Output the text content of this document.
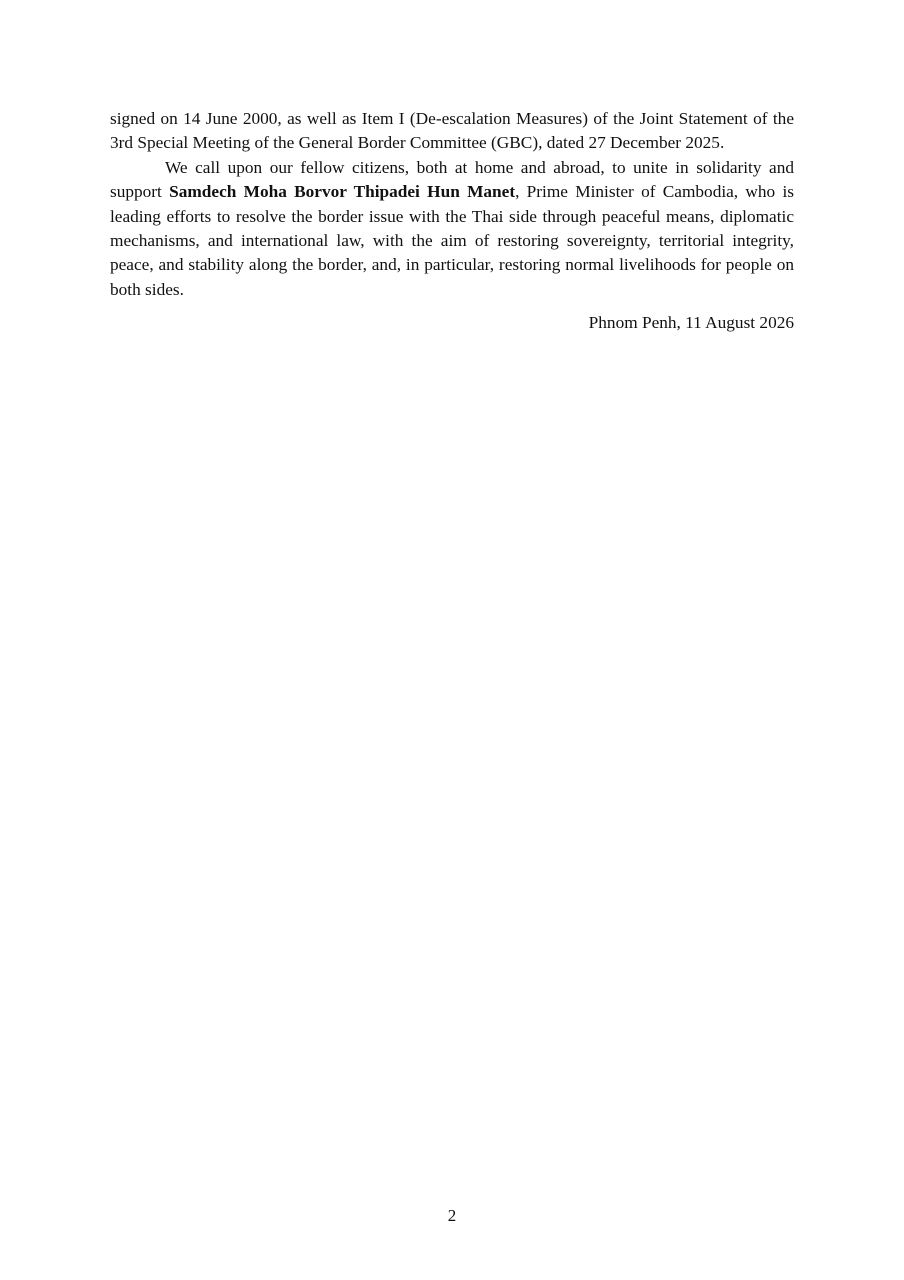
signed on 14 June 2000, as well as Item I (De-escalation Measures) of the Joint Statement of the 3rd Special Meeting of the General Border Committee (GBC), dated 27 December 2025.

We call upon our fellow citizens, both at home and abroad, to unite in solidarity and support Samdech Moha Borvor Thipadei Hun Manet, Prime Minister of Cambodia, who is leading efforts to resolve the border issue with the Thai side through peaceful means, diplomatic mechanisms, and international law, with the aim of restoring sovereignty, territorial integrity, peace, and stability along the border, and, in particular, restoring normal livelihoods for people on both sides.

Phnom Penh, 11 August 2026
2
